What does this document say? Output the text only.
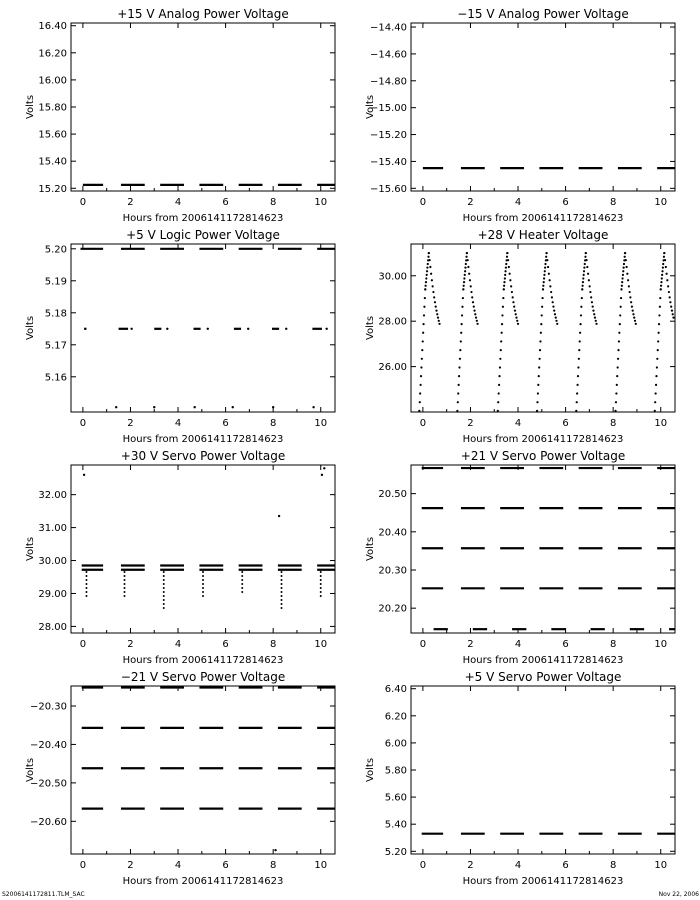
+15 V Analog Power Voltage
Hours from 2006141172814623
Volts
0	2	4	6	8	10
15.20
15.40
15.60
15.80
16.00
16.20
16.40
−15 V Analog Power Voltage
Hours from 2006141172814623
Volts
0	2	4	6	8	10
−14.40
−14.60
−14.80
−15.00
−15.20
−15.40
−15.60
+5 V Logic Power Voltage
Hours from 2006141172814623
Volts
0	2	4	6	8	10
5.16
5.17
5.18
5.19
5.20
+28 V Heater Voltage
Hours from 2006141172814623
Volts
0	2	4	6	8	10
26.00
28.00
30.00
+30 V Servo Power Voltage
Hours from 2006141172814623
Volts
0	2	4	6	8	10
28.00
29.00
30.00
31.00
32.00
+21 V Servo Power Voltage
Hours from 2006141172814623
Volts
0	2	4	6	8	10
20.20
20.30
20.40
20.50
−21 V Servo Power Voltage
Hours from 2006141172814623
Volts
0	2	4	6	8	10
−20.30
−20.40
−20.50
−20.60
+5 V Servo Power Voltage
Hours from 2006141172814623
Volts
0	2	4	6	8	10
5.20
5.40
5.60
5.80
6.00
6.20
6.40
S2006141172811.TLM_SAC	Nov 22, 2006
